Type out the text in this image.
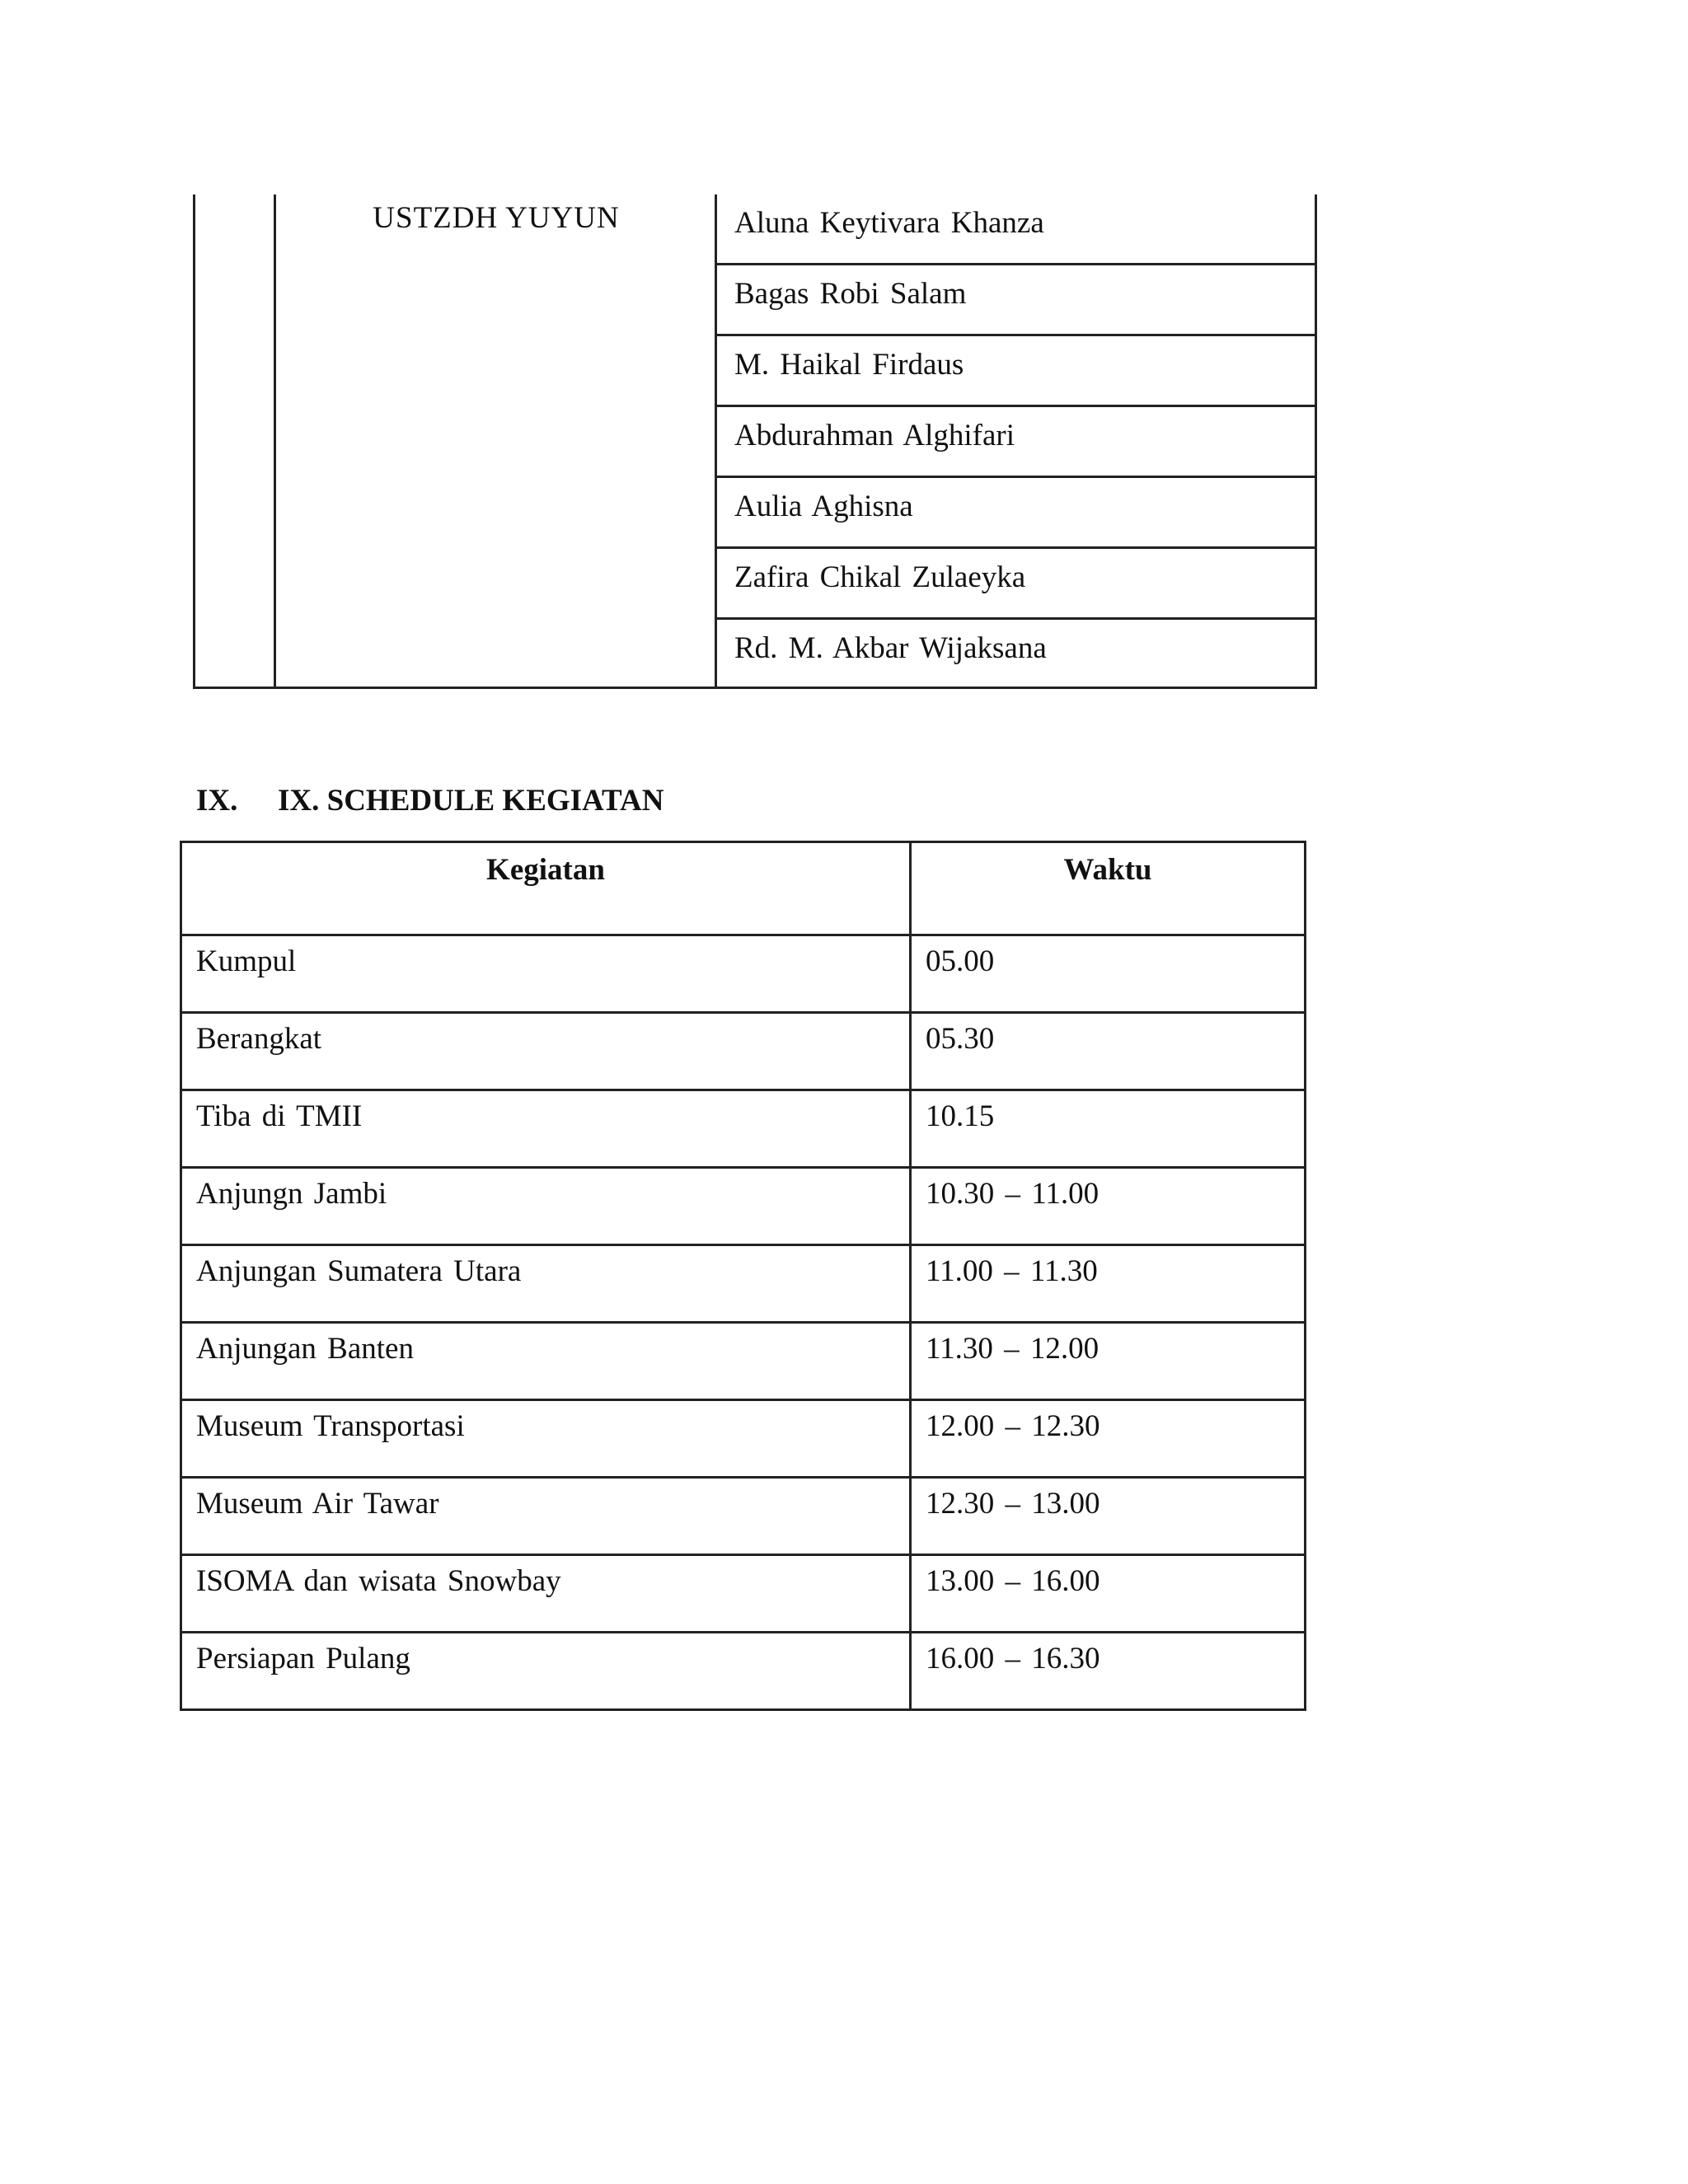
USTZDH YUYUN	Aluna Keytivara Khanza
Bagas Robi Salam
M. Haikal Firdaus
Abdurahman Alghifari
Aulia Aghisna
Zafira Chikal Zulaeyka
Rd. M. Akbar Wijaksana
IX. IX. SCHEDULE KEGIATAN
Kegiatan	Waktu
Kumpul	05.00
Berangkat	05.30
Tiba di TMII	10.15
Anjungn Jambi	10.30 – 11.00
Anjungan Sumatera Utara	11.00 – 11.30
Anjungan Banten	11.30 – 12.00
Museum Transportasi	12.00 – 12.30
Museum Air Tawar	12.30 – 13.00
ISOMA dan wisata Snowbay	13.00 – 16.00
Persiapan Pulang	16.00 – 16.30
